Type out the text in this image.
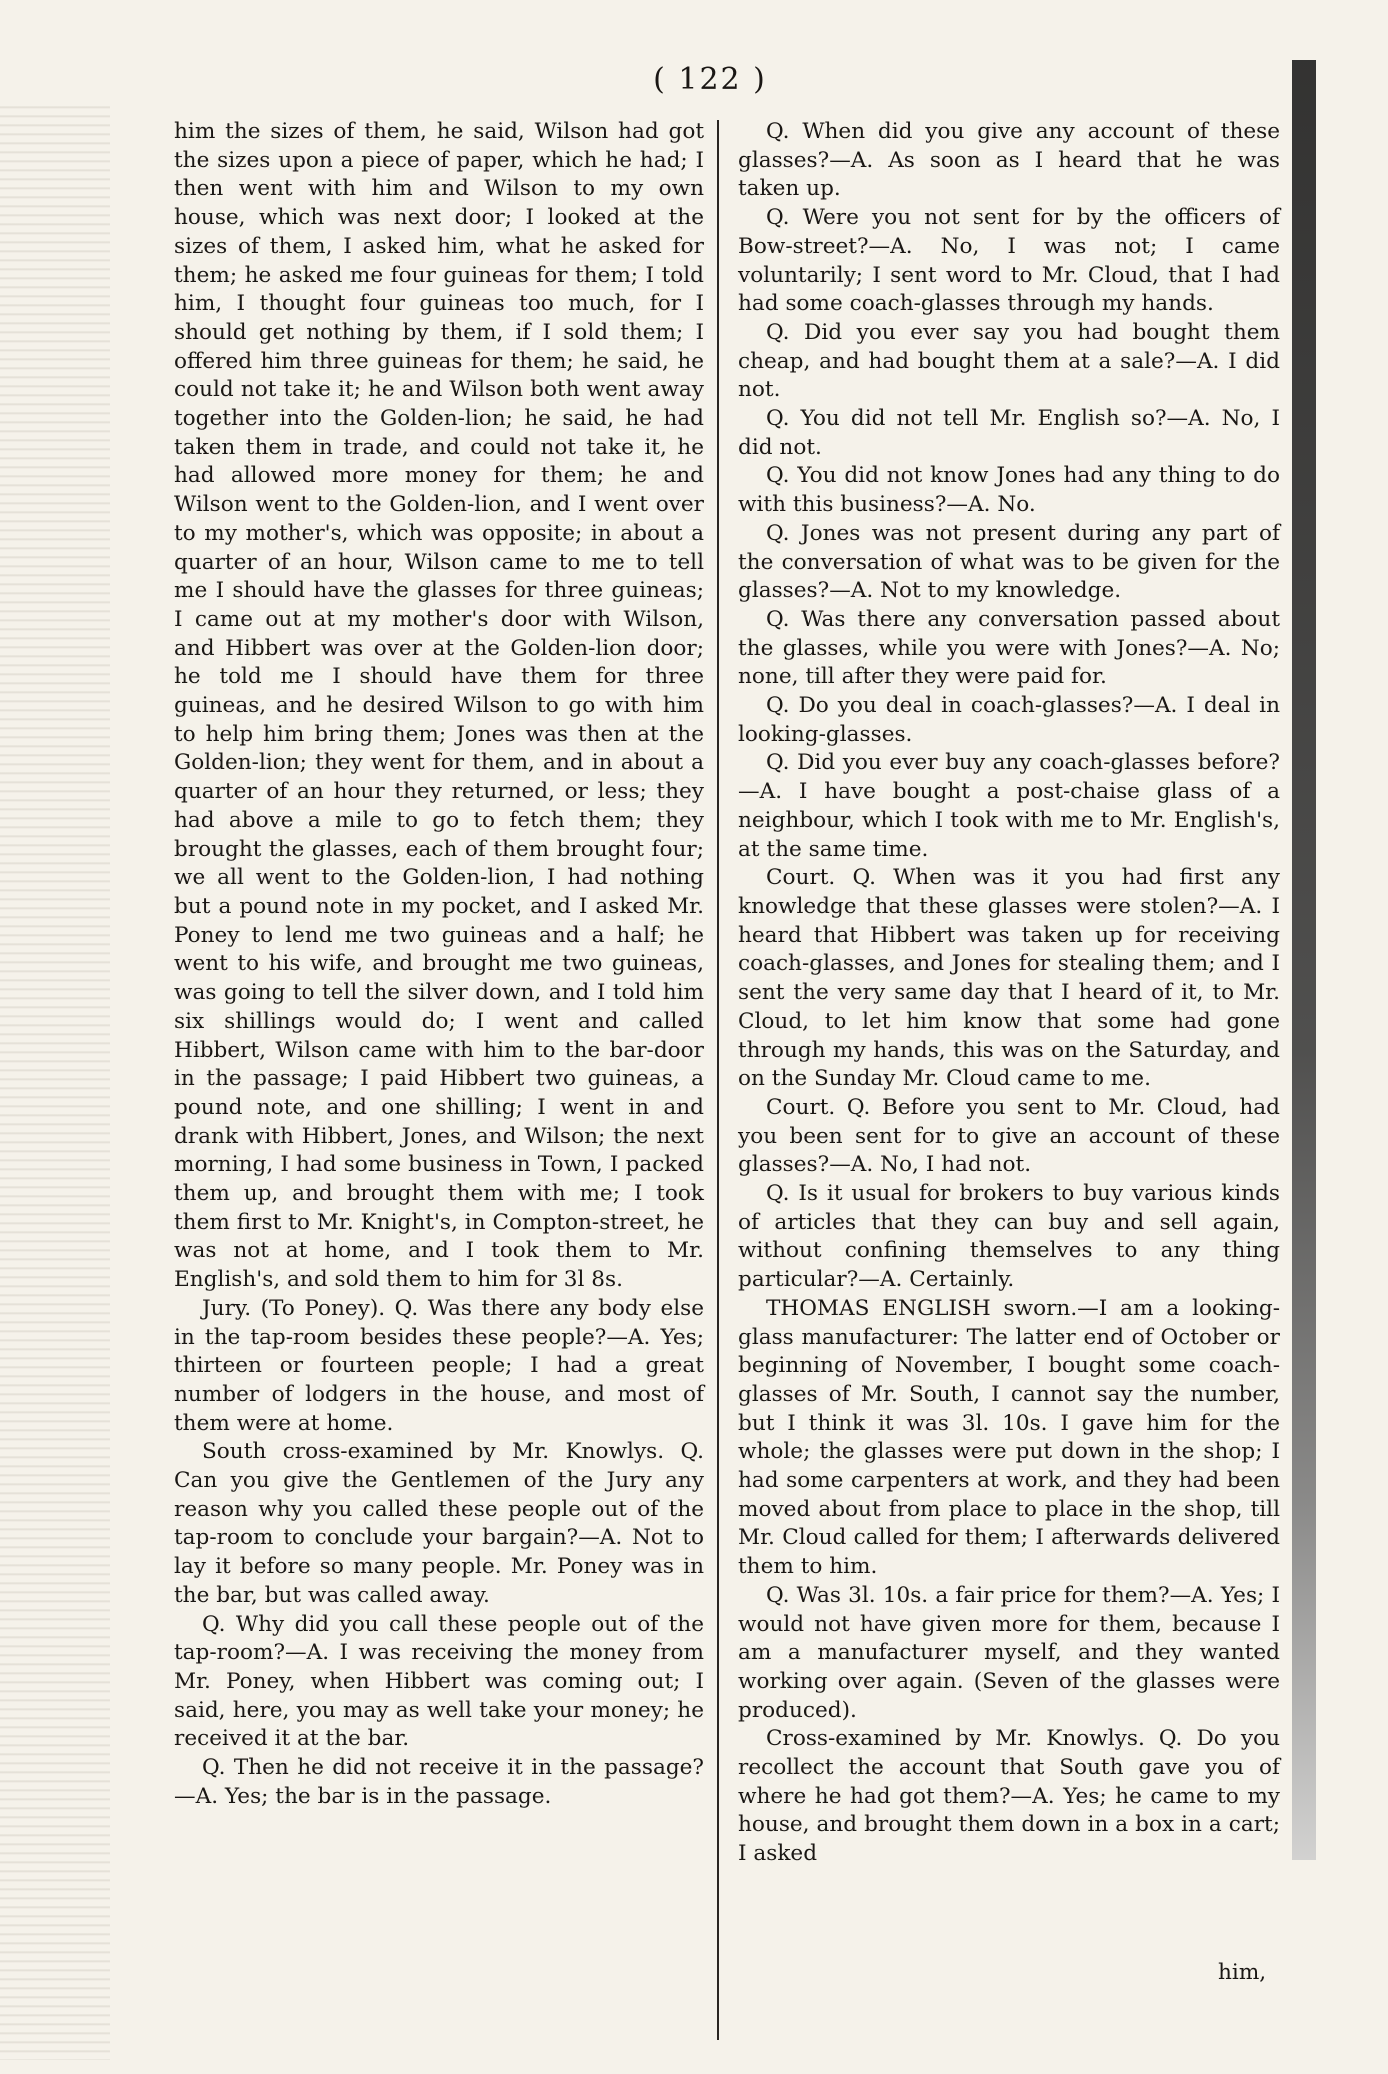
( 122 )

him the sizes of them, he said, Wilson had got the sizes upon a piece of paper, which he had; I then went with him and Wilson to my own house, which was next door; I looked at the sizes of them, I asked him, what he asked for them; he asked me four guineas for them; I told him, I thought four guineas too much, for I should get nothing by them, if I sold them; I offered him three guineas for them; he said, he could not take it; he and Wilson both went away together into the Golden-lion; he said, he had taken them in trade, and could not take it, he had allowed more money for them; he and Wilson went to the Golden-lion, and I went over to my mother's, which was opposite; in about a quarter of an hour, Wilson came to me to tell me I should have the glasses for three guineas; I came out at my mother's door with Wilson, and Hibbert was over at the Golden-lion door; he told me I should have them for three guineas, and he desired Wilson to go with him to help him bring them; Jones was then at the Golden-lion; they went for them, and in about a quarter of an hour they returned, or less; they had above a mile to go to fetch them; they brought the glasses, each of them brought four; we all went to the Golden-lion, I had nothing but a pound note in my pocket, and I asked Mr. Poney to lend me two guineas and a half; he went to his wife, and brought me two guineas, was going to tell the silver down, and I told him six shillings would do; I went and called Hibbert, Wilson came with him to the bar-door in the passage; I paid Hibbert two guineas, a pound note, and one shilling; I went in and drank with Hibbert, Jones, and Wilson; the next morning, I had some business in Town, I packed them up, and brought them with me; I took them first to Mr. Knight's, in Compton-street, he was not at home, and I took them to Mr. English's, and sold them to him for 3l 8s.

Jury. (To Poney). Q. Was there any body else in the tap-room besides these people?—A. Yes; thirteen or fourteen people; I had a great number of lodgers in the house, and most of them were at home.

South cross-examined by Mr. Knowlys. Q. Can you give the Gentlemen of the Jury any reason why you called these people out of the tap-room to conclude your bargain?—A. Not to lay it before so many people. Mr. Poney was in the bar, but was called away.

Q. Why did you call these people out of the tap-room?—A. I was receiving the money from Mr. Poney, when Hibbert was coming out; I said, here, you may as well take your money; he received it at the bar.

Q. Then he did not receive it in the passage?—A. Yes; the bar is in the passage.

Q. When did you give any account of these glasses?—A. As soon as I heard that he was taken up.

Q. Were you not sent for by the officers of Bow-street?—A. No, I was not; I came voluntarily; I sent word to Mr. Cloud, that I had had some coach-glasses through my hands.

Q. Did you ever say you had bought them cheap, and had bought them at a sale?—A. I did not.

Q. You did not tell Mr. English so?—A. No, I did not.

Q. You did not know Jones had any thing to do with this business?—A. No.

Q. Jones was not present during any part of the conversation of what was to be given for the glasses?—A. Not to my knowledge.

Q. Was there any conversation passed about the glasses, while you were with Jones?—A. No; none, till after they were paid for.

Q. Do you deal in coach-glasses?—A. I deal in looking-glasses.

Q. Did you ever buy any coach-glasses before?—A. I have bought a post-chaise glass of a neighbour, which I took with me to Mr. English's, at the same time.

Court. Q. When was it you had first any knowledge that these glasses were stolen?—A. I heard that Hibbert was taken up for receiving coach-glasses, and Jones for stealing them; and I sent the very same day that I heard of it, to Mr. Cloud, to let him know that some had gone through my hands, this was on the Saturday, and on the Sunday Mr. Cloud came to me.

Court. Q. Before you sent to Mr. Cloud, had you been sent for to give an account of these glasses?—A. No, I had not.

Q. Is it usual for brokers to buy various kinds of articles that they can buy and sell again, without confining themselves to any thing particular?—A. Certainly.

THOMAS ENGLISH sworn.—I am a looking-glass manufacturer: The latter end of October or beginning of November, I bought some coach-glasses of Mr. South, I cannot say the number, but I think it was 3l. 10s. I gave him for the whole; the glasses were put down in the shop; I had some carpenters at work, and they had been moved about from place to place in the shop, till Mr. Cloud called for them; I afterwards delivered them to him.

Q. Was 3l. 10s. a fair price for them?—A. Yes; I would not have given more for them, because I am a manufacturer myself, and they wanted working over again. (Seven of the glasses were produced).

Cross-examined by Mr. Knowlys. Q. Do you recollect the account that South gave you of where he had got them?—A. Yes; he came to my house, and brought them down in a box in a cart; I asked

him,
